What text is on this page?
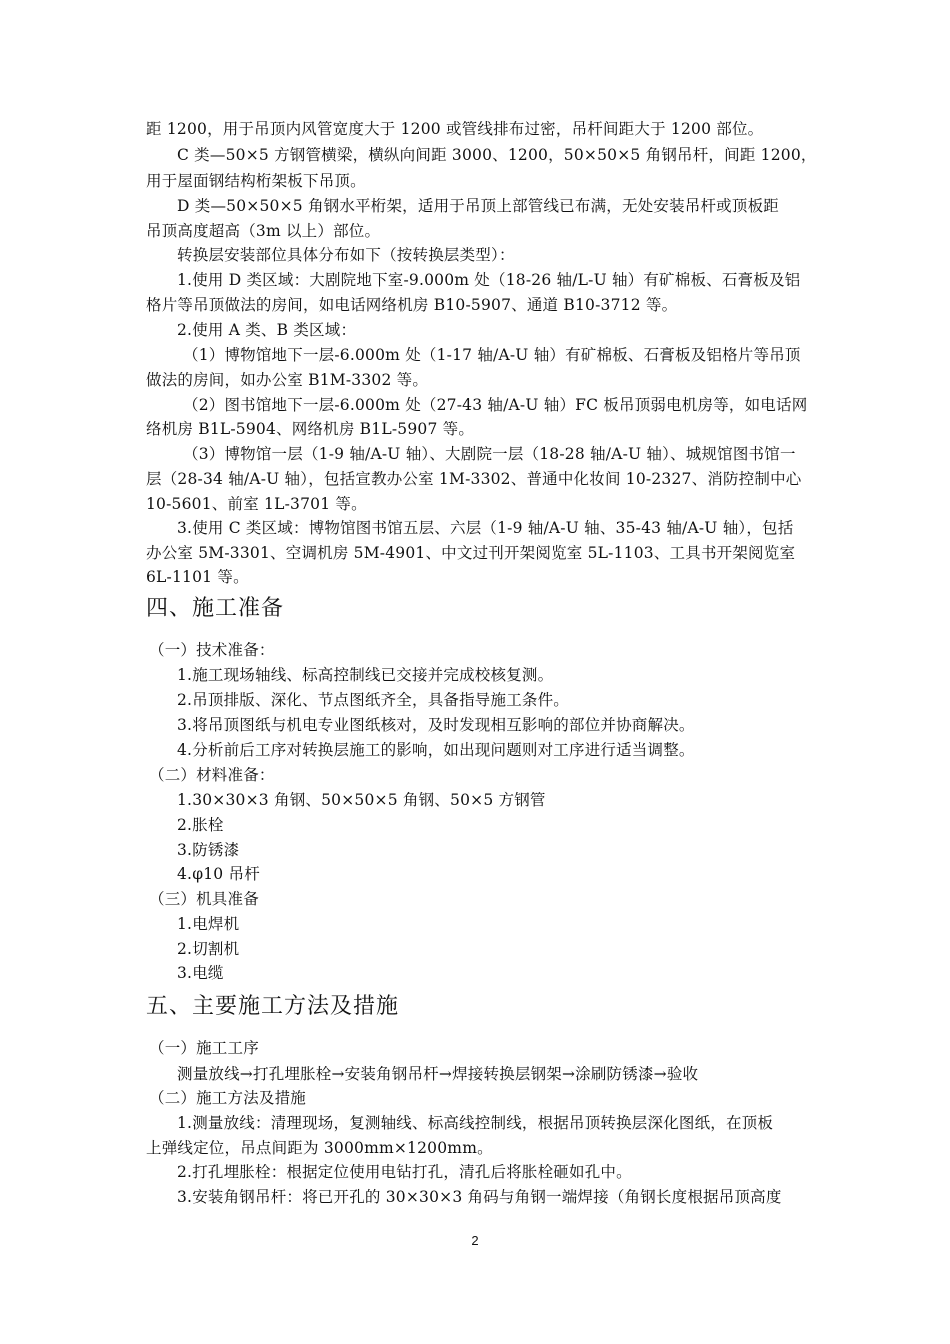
距 1200，用于吊顶内风管宽度大于 1200 或管线排布过密，吊杆间距大于 1200 部位。
C 类—50×5 方钢管横梁，横纵向间距 3000、1200，50×50×5 角钢吊杆，间距 1200，
用于屋面钢结构桁架板下吊顶。
D 类—50×50×5 角钢水平桁架，适用于吊顶上部管线已布满，无处安装吊杆或顶板距
吊顶高度超高（3m 以上）部位。
转换层安装部位具体分布如下（按转换层类型）：
1.使用 D 类区域：大剧院地下室-9.000m 处（18-26 轴/L-U 轴）有矿棉板、石膏板及铝
格片等吊顶做法的房间，如电话网络机房 B10-5907、通道 B10-3712 等。
2.使用 A 类、B 类区域：
（1）博物馆地下一层-6.000m 处（1-17 轴/A-U 轴）有矿棉板、石膏板及铝格片等吊顶
做法的房间，如办公室 B1M-3302 等。
（2）图书馆地下一层-6.000m 处（27-43 轴/A-U 轴）FC 板吊顶弱电机房等，如电话网
络机房 B1L-5904、网络机房 B1L-5907 等。
（3）博物馆一层（1-9 轴/A-U 轴）、大剧院一层（18-28 轴/A-U 轴）、城规馆图书馆一
层（28-34 轴/A-U 轴），包括宣教办公室 1M-3302、普通中化妆间 10-2327、消防控制中心
10-5601、前室 1L-3701 等。
3.使用 C 类区域：博物馆图书馆五层、六层（1-9 轴/A-U 轴、35-43 轴/A-U 轴），包括
办公室 5M-3301、空调机房 5M-4901、中文过刊开架阅览室 5L-1103、工具书开架阅览室
6L-1101 等。
四、施工准备
（一）技术准备：
1.施工现场轴线、标高控制线已交接并完成校核复测。
2.吊顶排版、深化、节点图纸齐全，具备指导施工条件。
3.将吊顶图纸与机电专业图纸核对，及时发现相互影响的部位并协商解决。
4.分析前后工序对转换层施工的影响，如出现问题则对工序进行适当调整。
（二）材料准备：
1.30×30×3 角钢、50×50×5 角钢、50×5 方钢管
2.胀栓
3.防锈漆
4.φ10 吊杆
（三）机具准备
1.电焊机
2.切割机
3.电缆
五、主要施工方法及措施
（一）施工工序
测量放线→打孔埋胀栓→安装角钢吊杆→焊接转换层钢架→涂刷防锈漆→验收
（二）施工方法及措施
1.测量放线：清理现场，复测轴线、标高线控制线，根据吊顶转换层深化图纸，在顶板
上弹线定位，吊点间距为 3000mm×1200mm。
2.打孔埋胀栓：根据定位使用电钻打孔，清孔后将胀栓砸如孔中。
3.安装角钢吊杆：将已开孔的 30×30×3 角码与角钢一端焊接（角钢长度根据吊顶高度
2
